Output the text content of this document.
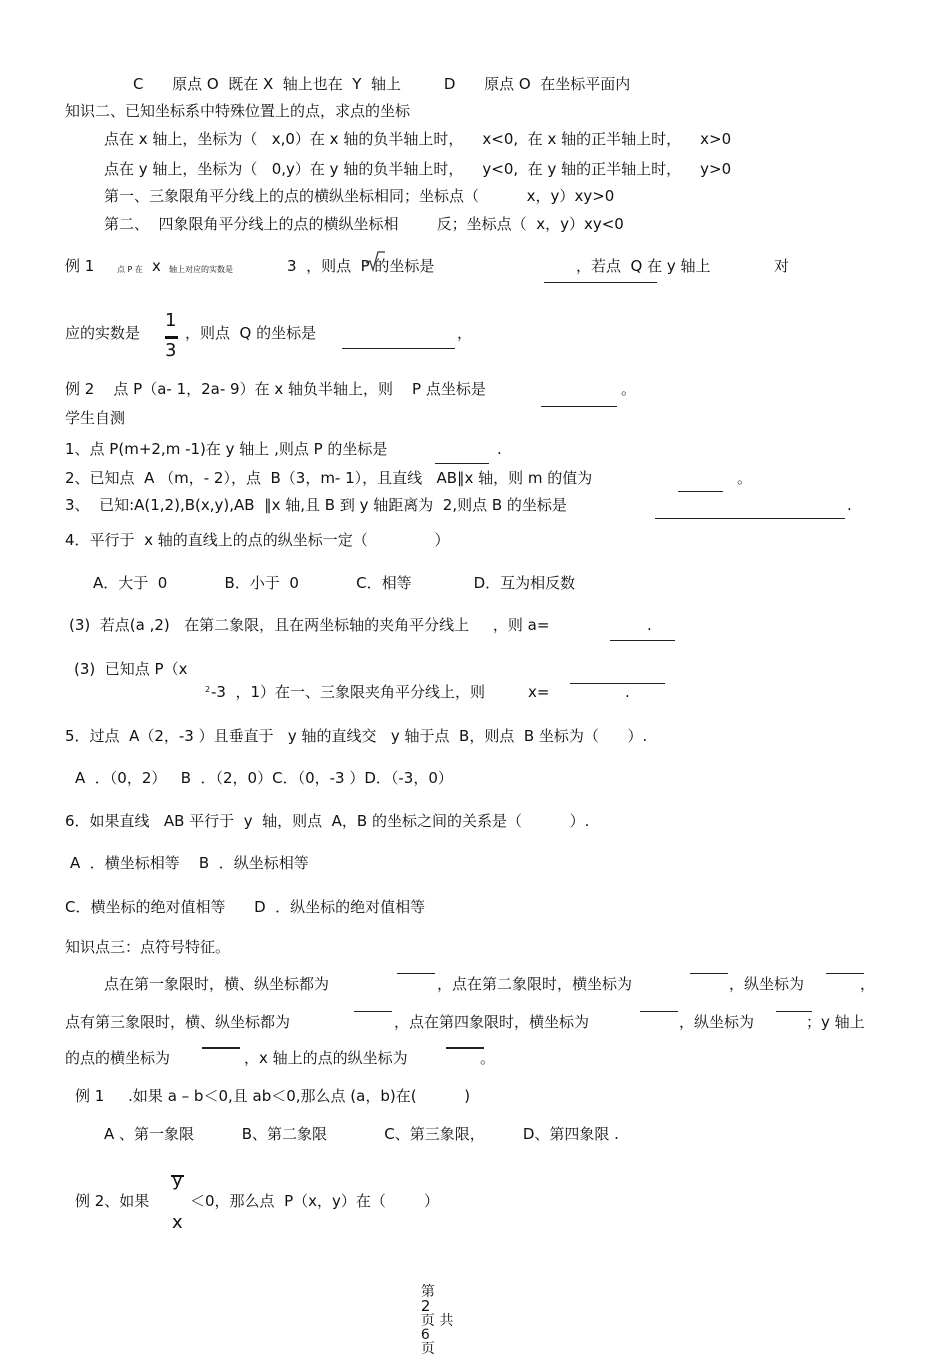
C      原点 O  既在 X  轴上也在  Y  轴上         D      原点 O  在坐标平面内
知识二、已知坐标系中特殊位置上的点，求点的坐标
点在 x 轴上，坐标为（   x,0）在 x 轴的负半轴上时，    x<0,  在 x 轴的正半轴上时，    x>0
点在 y 轴上，坐标为（   0,y）在 y 轴的负半轴上时，    y<0,  在 y 轴的正半轴上时，    y>0
第一、三象限角平分线上的点的横纵坐标相同；坐标点（          x，y）xy>0
第二、  四象限角平分线上的点的横纵坐标相        反；坐标点（  x，y）xy<0
例 1	点 P 在 x 轴上对应的实数是	3  ，则点  P 的坐标是	，若点  Q 在 y 轴上	对
应的实数是
1
3
，则点  Q 的坐标是	，
例 2    点 P（a- 1，2a- 9）在 x 轴负半轴上，则    P 点坐标是	。
学生自测
1、点 P(m+2,m -1)在 y 轴上 ,则点 P 的坐标是	.
2、已知点  A （m，- 2），点  B（3，m- 1），且直线   AB∥x 轴，则 m 的值为	。
3、  已知:A(1,2),B(x,y),AB  ∥x 轴,且 B 到 y 轴距离为  2,则点 B 的坐标是	.
4．平行于  x 轴的直线上的点的纵坐标一定（              ）
A．大于  0            B．小于  0            C．相等             D．互为相反数
(3)  若点(a ,2)   在第二象限，且在两坐标轴的夹角平分线上     ，则 a=	.
(3)  已知点 P（x
2 -3  ，1）在一、三象限夹角平分线上，则         x=	.
5．过点  A（2，-3 ）且垂直于   y 轴的直线交   y 轴于点  B，则点  B 坐标为（      ）.
A  ．（0，2）   B  ．（2，0）C．（0，-3 ）D．（-3，0）
6．如果直线   AB 平行于  y  轴，则点  A，B 的坐标之间的关系是（          ）.
A  ．横坐标相等    B  ．纵坐标相等
C．横坐标的绝对值相等      D  ．纵坐标的绝对值相等
知识点三：点符号特征。
点在第一象限时，横、纵坐标都为	，点在第二象限时，横坐标为	，纵坐标为	，
点有第三象限时，横、纵坐标都为	，点在第四象限时，横坐标为	，纵坐标为	；y 轴上
的点的横坐标为	，x 轴上的点的纵坐标为	。
例 1     .如果 a – b＜0,且 ab＜0,那么点 (a，b)在(          )
A 、第一象限          B、第二象限            C、第三象限，        D、第四象限 .
y
例 2、如果	＜0，那么点  P（x，y）在（        ）
x

第
2
页 共
6
页
